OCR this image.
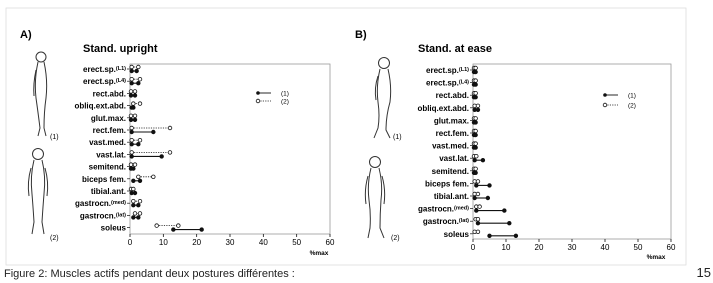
A)
Stand. upright
%max
(1)
(2)
(1)
(2)	0	10	20	30	40	50	60
erect.sp.(L1)
erect.sp.(L4)
rect.abd.
obliq.ext.abd.
glut.max.
rect.fem.
vast.med.
vast.lat.
semitend.
biceps fem.
tibial.ant.
gastrocn.(med)
gastrocn.(lat)
soleus
B)
Stand. at ease
%max
(1)
(2)
(1)
(2)
0	10	20	30	40	50	60
erect.sp.(L1)
erect.sp.(L4)
rect.abd.
obliq.ext.abd.
glut.max.
rect.fem.
vast.med.
vast.lat.
semitend.
biceps fem.
tibial.ant.
gastrocn.(med)
gastrocn.(lat)
soleus
Figure 2: Muscles actifs pendant deux postures différentes :	15
